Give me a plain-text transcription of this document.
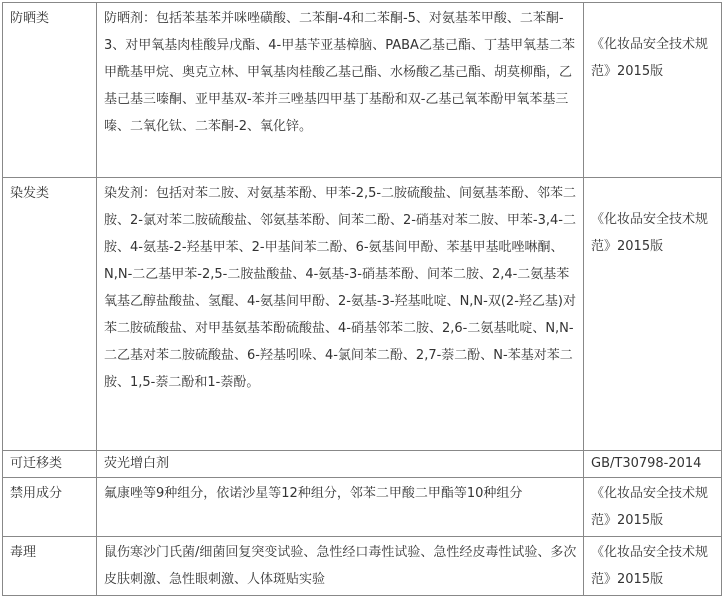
防晒类	防晒剂：包括苯基苯并咪唑磺酸、二苯酮-4和二苯酮-5、对氨基苯甲酸、二苯酮-3、对甲氧基肉桂酸异戊酯、4-甲基苄亚基樟脑、PABA乙基己酯、丁基甲氧基二苯甲酰基甲烷、奥克立林、甲氧基肉桂酸乙基己酯、水杨酸乙基己酯、胡莫柳酯，乙基己基三嗪酮、亚甲基双-苯并三唑基四甲基丁基酚和双-乙基己氧苯酚甲氧苯基三嗪、二氧化钛、二苯酮-2、氧化锌。	《化妆品安全技术规范》2015版
染发类	染发剂：包括对苯二胺、对氨基苯酚、甲苯-2,5-二胺硫酸盐、间氨基苯酚、邻苯二胺、2-氯对苯二胺硫酸盐、邻氨基苯酚、间苯二酚、2-硝基对苯二胺、甲苯-3,4-二胺、4-氨基-2-羟基甲苯、2-甲基间苯二酚、6-氨基间甲酚、苯基甲基吡唑啉酮、N,N-二乙基甲苯-2,5-二胺盐酸盐、4-氨基-3-硝基苯酚、间苯二胺、2,4-二氨基苯氧基乙醇盐酸盐、氢醌、4-氨基间甲酚、2-氨基-3-羟基吡啶、N,N-双(2-羟乙基)对苯二胺硫酸盐、对甲基氨基苯酚硫酸盐、4-硝基邻苯二胺、2,6-二氨基吡啶、N,N-二乙基对苯二胺硫酸盐、6-羟基吲哚、4-氯间苯二酚、2,7-萘二酚、N-苯基对苯二胺、1,5-萘二酚和1-萘酚。	《化妆品安全技术规范》2015版
可迁移类	荧光增白剂	GB/T30798-2014
禁用成分	氟康唑等9种组分，依诺沙星等12种组分，邻苯二甲酸二甲酯等10种组分	《化妆品安全技术规范》2015版
毒理	鼠伤寒沙门氏菌/细菌回复突变试验、急性经口毒性试验、急性经皮毒性试验、多次皮肤刺激、急性眼刺激、人体斑贴实验	《化妆品安全技术规范》2015版
